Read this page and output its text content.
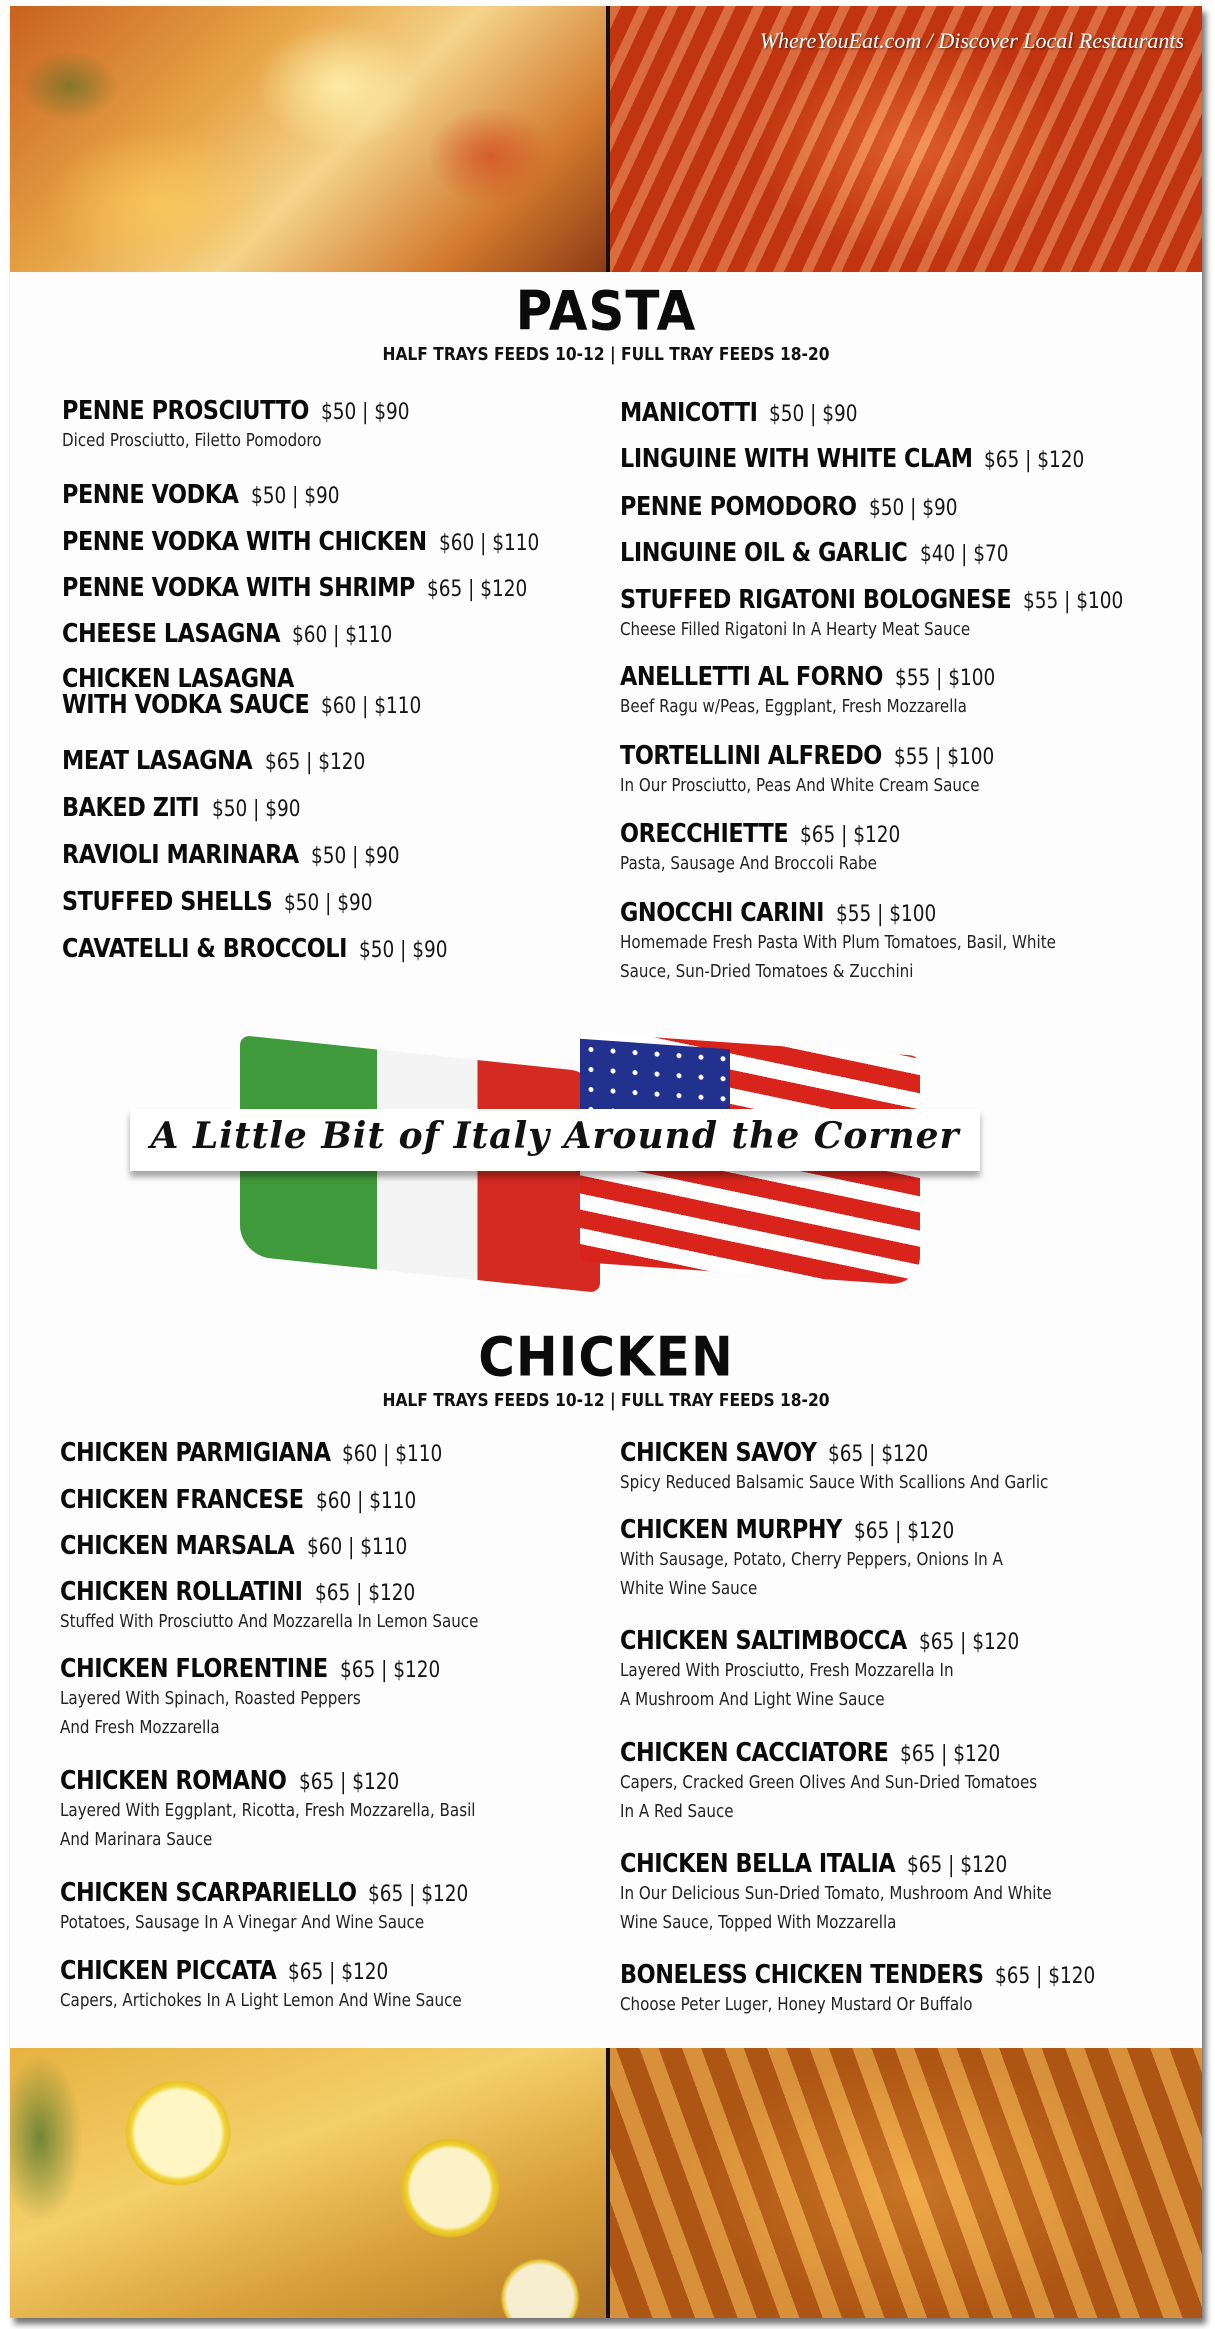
WhereYouEat.com / Discover Local Restaurants
PASTA
HALF TRAYS FEEDS 10-12 | FULL TRAY FEEDS 18-20
PENNE PROSCIUTTO $50 | $90
Diced Prosciutto, Filetto Pomodoro
PENNE VODKA $50 | $90
PENNE VODKA WITH CHICKEN $60 | $110
PENNE VODKA WITH SHRIMP $65 | $120
CHEESE LASAGNA $60 | $110
CHICKEN LASAGNA
WITH VODKA SAUCE $60 | $110
MEAT LASAGNA $65 | $120
BAKED ZITI $50 | $90
RAVIOLI MARINARA $50 | $90
STUFFED SHELLS $50 | $90
CAVATELLI & BROCCOLI $50 | $90
MANICOTTI $50 | $90
LINGUINE WITH WHITE CLAM $65 | $120
PENNE POMODORO $50 | $90
LINGUINE OIL & GARLIC $40 | $70
STUFFED RIGATONI BOLOGNESE $55 | $100
Cheese Filled Rigatoni In A Hearty Meat Sauce
ANELLETTI AL FORNO $55 | $100
Beef Ragu w/Peas, Eggplant, Fresh Mozzarella
TORTELLINI ALFREDO $55 | $100
In Our Prosciutto, Peas And White Cream Sauce
ORECCHIETTE $65 | $120
Pasta, Sausage And Broccoli Rabe
GNOCCHI CARINI $55 | $100
Homemade Fresh Pasta With Plum Tomatoes, Basil, White
Sauce, Sun-Dried Tomatoes & Zucchini
A Little Bit of Italy Around the Corner
CHICKEN
HALF TRAYS FEEDS 10-12 | FULL TRAY FEEDS 18-20
CHICKEN PARMIGIANA $60 | $110
CHICKEN FRANCESE $60 | $110
CHICKEN MARSALA $60 | $110
CHICKEN ROLLATINI $65 | $120
Stuffed With Prosciutto And Mozzarella In Lemon Sauce
CHICKEN FLORENTINE $65 | $120
Layered With Spinach, Roasted Peppers
And Fresh Mozzarella
CHICKEN ROMANO $65 | $120
Layered With Eggplant, Ricotta, Fresh Mozzarella, Basil
And Marinara Sauce
CHICKEN SCARPARIELLO $65 | $120
Potatoes, Sausage In A Vinegar And Wine Sauce
CHICKEN PICCATA $65 | $120
Capers, Artichokes In A Light Lemon And Wine Sauce
CHICKEN SAVOY $65 | $120
Spicy Reduced Balsamic Sauce With Scallions And Garlic
CHICKEN MURPHY $65 | $120
With Sausage, Potato, Cherry Peppers, Onions In A
White Wine Sauce
CHICKEN SALTIMBOCCA $65 | $120
Layered With Prosciutto, Fresh Mozzarella In
A Mushroom And Light Wine Sauce
CHICKEN CACCIATORE $65 | $120
Capers, Cracked Green Olives And Sun-Dried Tomatoes
In A Red Sauce
CHICKEN BELLA ITALIA $65 | $120
In Our Delicious Sun-Dried Tomato, Mushroom And White
Wine Sauce, Topped With Mozzarella
BONELESS CHICKEN TENDERS $65 | $120
Choose Peter Luger, Honey Mustard Or Buffalo
